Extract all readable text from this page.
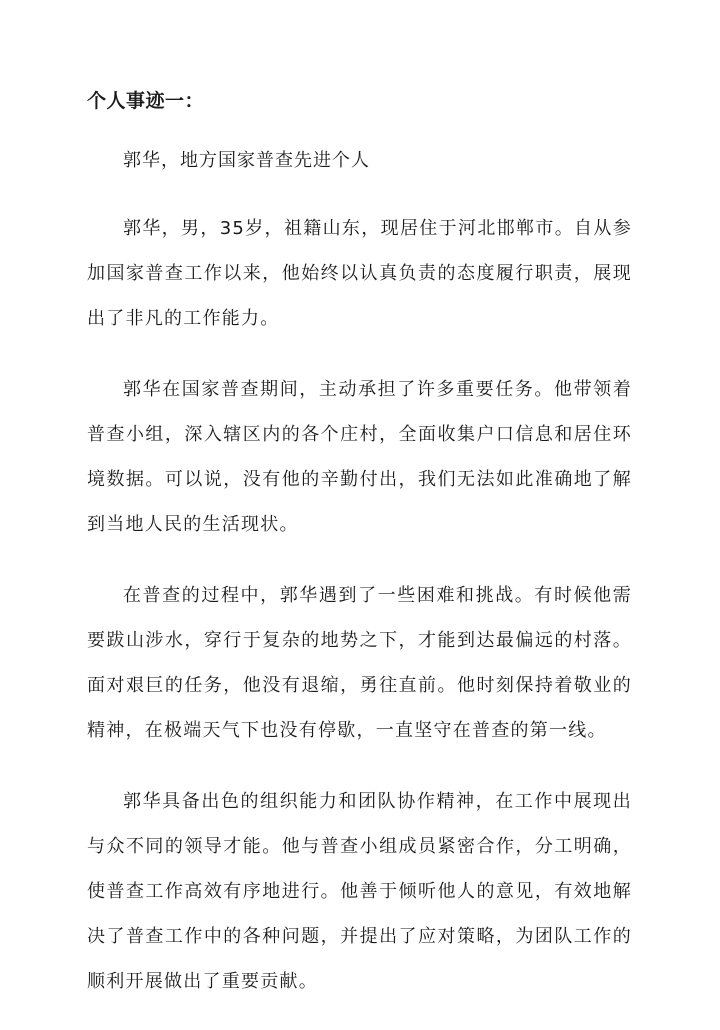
个人事迹一：

郭华，地方国家普查先进个人

郭华，男，35岁，祖籍山东，现居住于河北邯郸市。自从参加国家普查工作以来，他始终以认真负责的态度履行职责，展现出了非凡的工作能力。

郭华在国家普查期间，主动承担了许多重要任务。他带领着普查小组，深入辖区内的各个庄村，全面收集户口信息和居住环境数据。可以说，没有他的辛勤付出，我们无法如此准确地了解到当地人民的生活现状。

在普查的过程中，郭华遇到了一些困难和挑战。有时候他需要跋山涉水，穿行于复杂的地势之下，才能到达最偏远的村落。面对艰巨的任务，他没有退缩，勇往直前。他时刻保持着敬业的精神，在极端天气下也没有停歇，一直坚守在普查的第一线。

郭华具备出色的组织能力和团队协作精神，在工作中展现出与众不同的领导才能。他与普查小组成员紧密合作，分工明确，使普查工作高效有序地进行。他善于倾听他人的意见，有效地解决了普查工作中的各种问题，并提出了应对策略，为团队工作的顺利开展做出了重要贡献。
